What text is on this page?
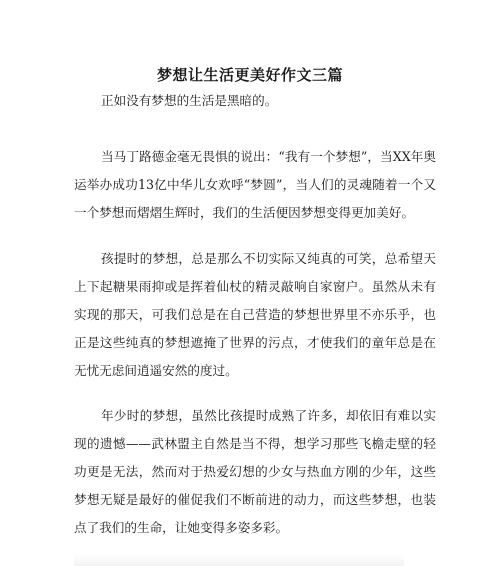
梦想让生活更美好作文三篇
正如没有梦想的生活是黑暗的。
当马丁路德金毫无畏惧的说出：“我有一个梦想”，当XX年奥运举办成功13亿中华儿女欢呼“梦圆”，当人们的灵魂随着一个又一个梦想而熠熠生辉时，我们的生活便因梦想变得更加美好。
孩提时的梦想，总是那么不切实际又纯真的可笑，总希望天上下起糖果雨抑或是挥着仙杖的精灵敲响自家窗户。虽然从未有实现的那天，可我们总是在自己营造的梦想世界里不亦乐乎，也正是这些纯真的梦想遮掩了世界的污点，才使我们的童年总是在无忧无虑间逍遥安然的度过。
年少时的梦想，虽然比孩提时成熟了许多，却依旧有难以实现的遗憾——武林盟主自然是当不得，想学习那些飞檐走壁的轻功更是无法，然而对于热爱幻想的少女与热血方刚的少年，这些梦想无疑是最好的催促我们不断前进的动力，而这些梦想，也装点了我们的生命，让她变得多姿多彩。
